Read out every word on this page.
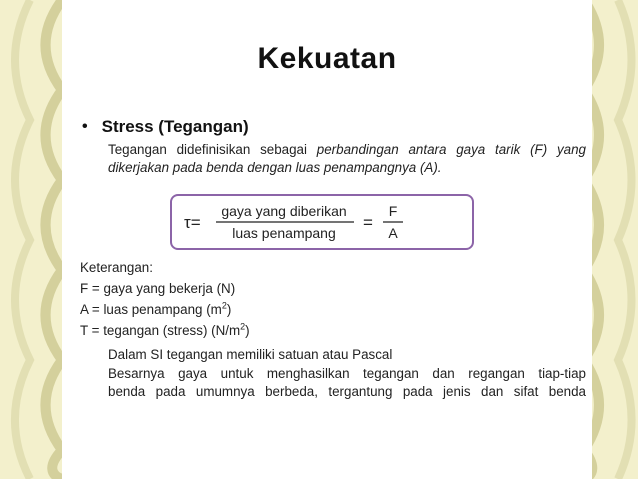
Kekuatan
• Stress (Tegangan)
Tegangan didefinisikan sebagai perbandingan antara gaya tarik (F) yang dikerjakan pada benda dengan luas penampangnya (A).
τ=
gaya yang diberikan
luas penampang
=
F
A
Keterangan:
F = gaya yang bekerja (N)
A = luas penampang $(m^2)$
T = tegangan (stress) $(N/m^2)$
Dalam SI tegangan memiliki satuan atau Pascal
Besarnya gaya untuk menghasilkan tegangan dan regangan tiap-tiap
benda pada umumnya berbeda, tergantung pada jenis dan sifat benda
